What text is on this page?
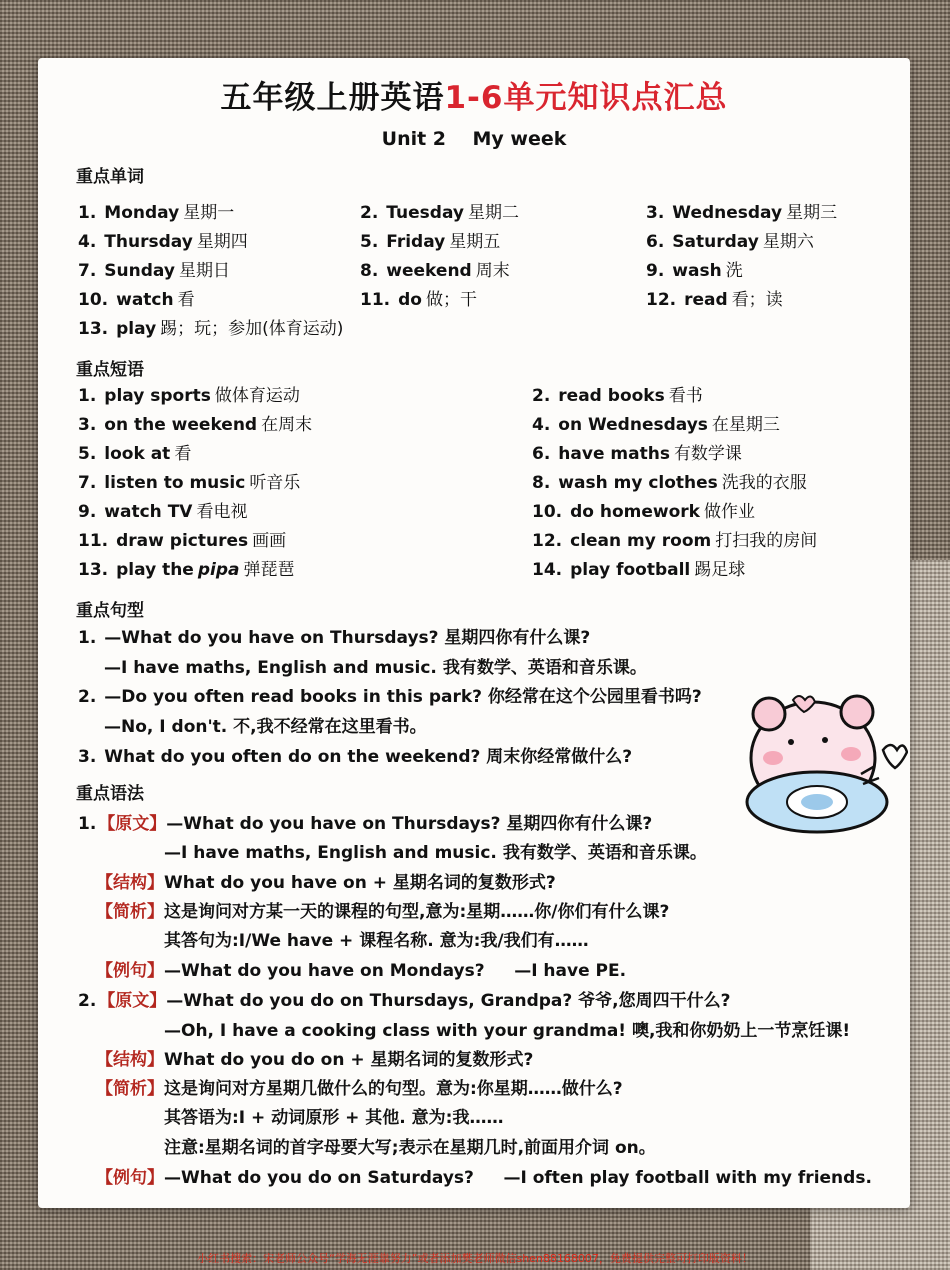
五年级上册英语1-6单元知识点汇总
Unit 2    My week
重点单词
重点短语
重点句型
重点语法
1. Monday 星期一	2. Tuesday 星期二	3. Wednesday 星期三
4. Thursday 星期四	5. Friday 星期五	6. Saturday 星期六
7. Sunday 星期日	8. weekend 周末	9. wash 洗
10. watch 看	11. do 做；干	12. read 看；读
13. play 踢；玩；参加(体育运动)
1. play sports 做体育运动	2. read books 看书
3. on the weekend 在周末	4. on Wednesdays 在星期三
5. look at 看	6. have maths 有数学课
7. listen to music 听音乐	8. wash my clothes 洗我的衣服
9. watch TV 看电视	10. do homework 做作业
11. draw pictures 画画	12. clean my room 打扫我的房间
13. play the pipa 弹琵琶	14. play football 踢足球
1. —What do you have on Thursdays? 星期四你有什么课?
—I have maths, English and music. 我有数学、英语和音乐课。
2. —Do you often read books in this park? 你经常在这个公园里看书吗?
—No, I don't. 不,我不经常在这里看书。
3. What do you often do on the weekend? 周末你经常做什么?
1. 【原文】—What do you have on Thursdays? 星期四你有什么课?
—I have maths, English and music. 我有数学、英语和音乐课。
【结构】What do you have on + 星期名词的复数形式?
【简析】这是询问对方某一天的课程的句型,意为:星期……你/你们有什么课?
其答句为:I/We have + 课程名称. 意为:我/我们有……
【例句】—What do you have on Mondays?     —I have PE.
2. 【原文】—What do you do on Thursdays, Grandpa? 爷爷,您周四干什么?
—Oh, I have a cooking class with your grandma! 噢,我和你奶奶上一节烹饪课!
【结构】What do you do on + 星期名词的复数形式?
【简析】这是询问对方星期几做什么的句型。意为:你星期……做什么?
其答语为:I + 动词原形 + 其他. 意为:我……
注意:星期名词的首字母要大写;表示在星期几时,前面用介词 on。
【例句】—What do you do on Saturdays?     —I often play football with my friends.
小红书搜索：宋老师公众号“学海无涯靠努力”或者添加樊老师微信shen88168007，免费提供完整可打印版资料！
